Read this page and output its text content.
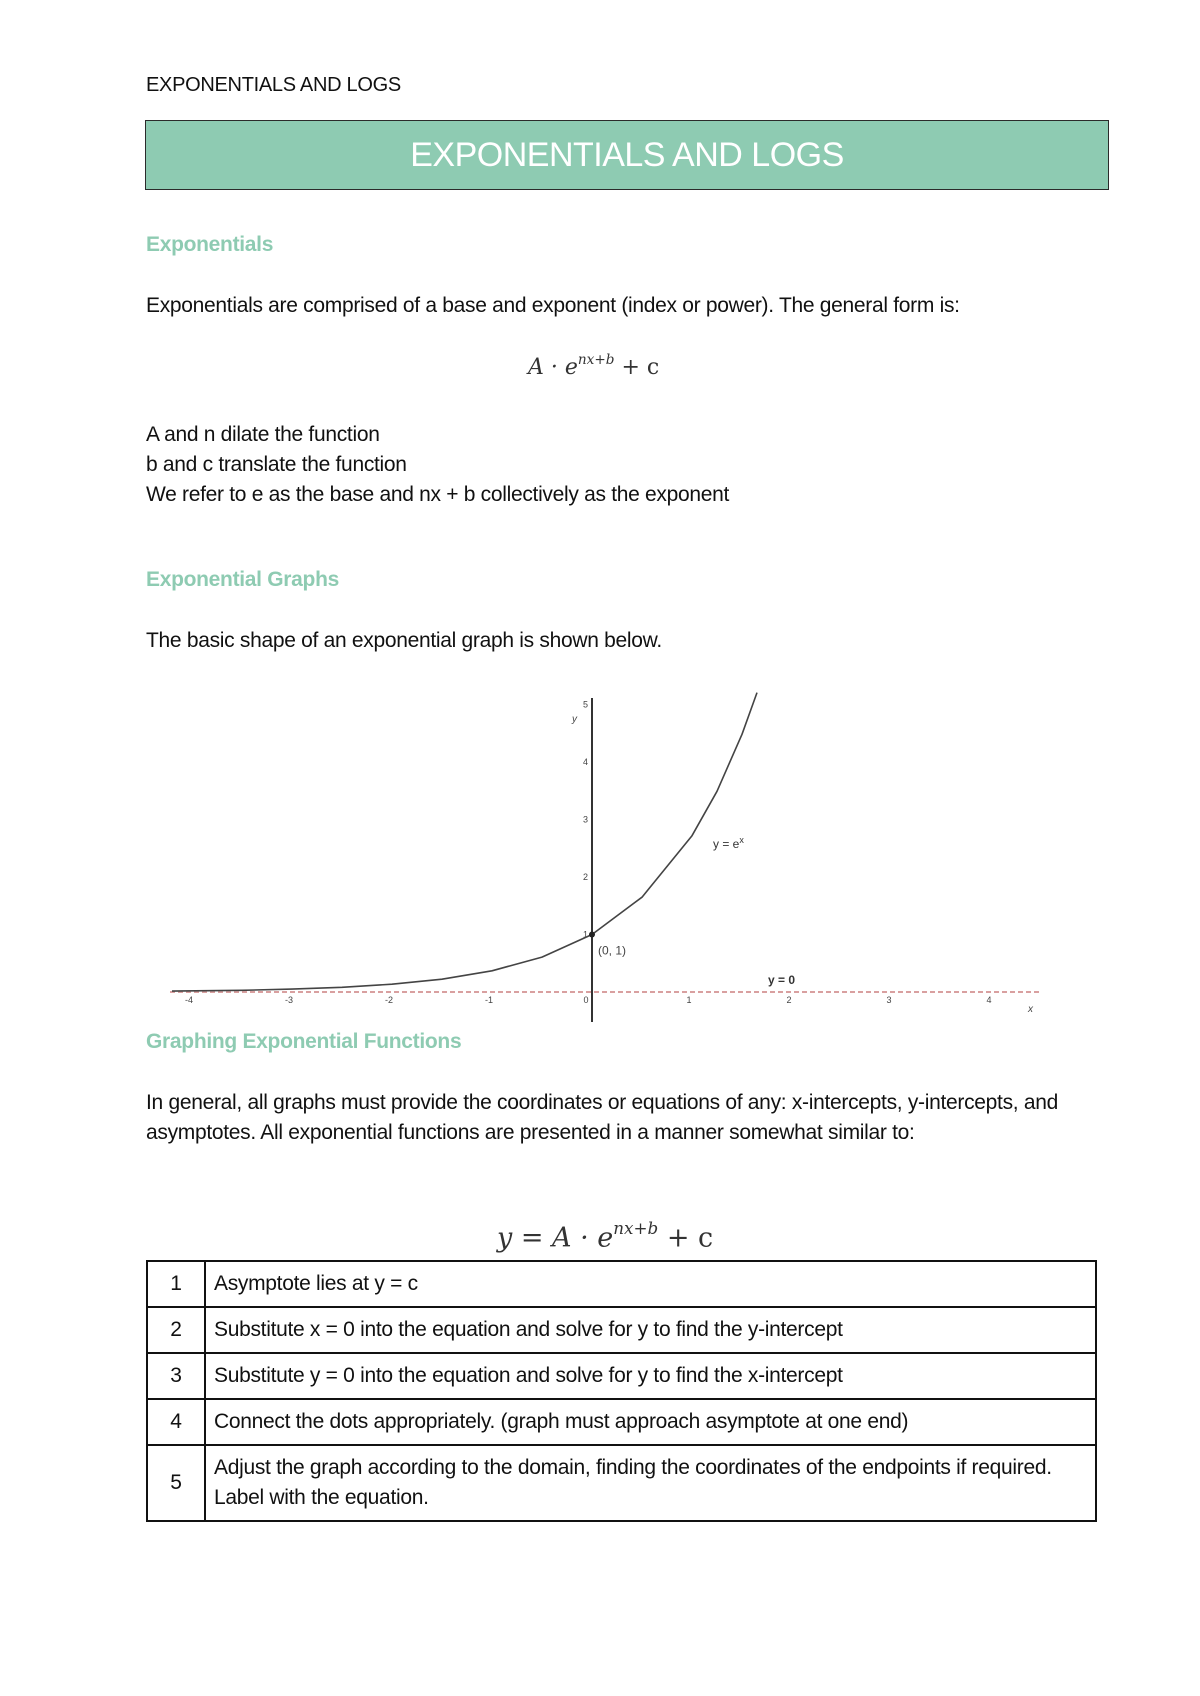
EXPONENTIALS AND LOGS
EXPONENTIALS AND LOGS
Exponentials
Exponentials are comprised of a base and exponent (index or power). The general form is:
$A \cdot e^{nx+b} + c$
A and n dilate the function
b and c translate the function
We refer to e as the base and nx + b collectively as the exponent
Exponential Graphs
The basic shape of an exponential graph is shown below.
-4	-3	-2	-1	0	1	2	3	4
1
2
3
4
5
x
y
(0, 1)
$y = e^x$
y = 0
Graphing Exponential Functions
In general, all graphs must provide the coordinates or equations of any: x-intercepts, y-intercepts, and asymptotes. All exponential functions are presented in a manner somewhat similar to:
$y = A \cdot e^{nx+b} + c$
1	Asymptote lies at y = c
2	Substitute x = 0 into the equation and solve for y to find the y-intercept
3	Substitute y = 0 into the equation and solve for y to find the x-intercept
4	Connect the dots appropriately. (graph must approach asymptote at one end)
5	Adjust the graph according to the domain, finding the coordinates of the endpoints if required. Label with the equation.
